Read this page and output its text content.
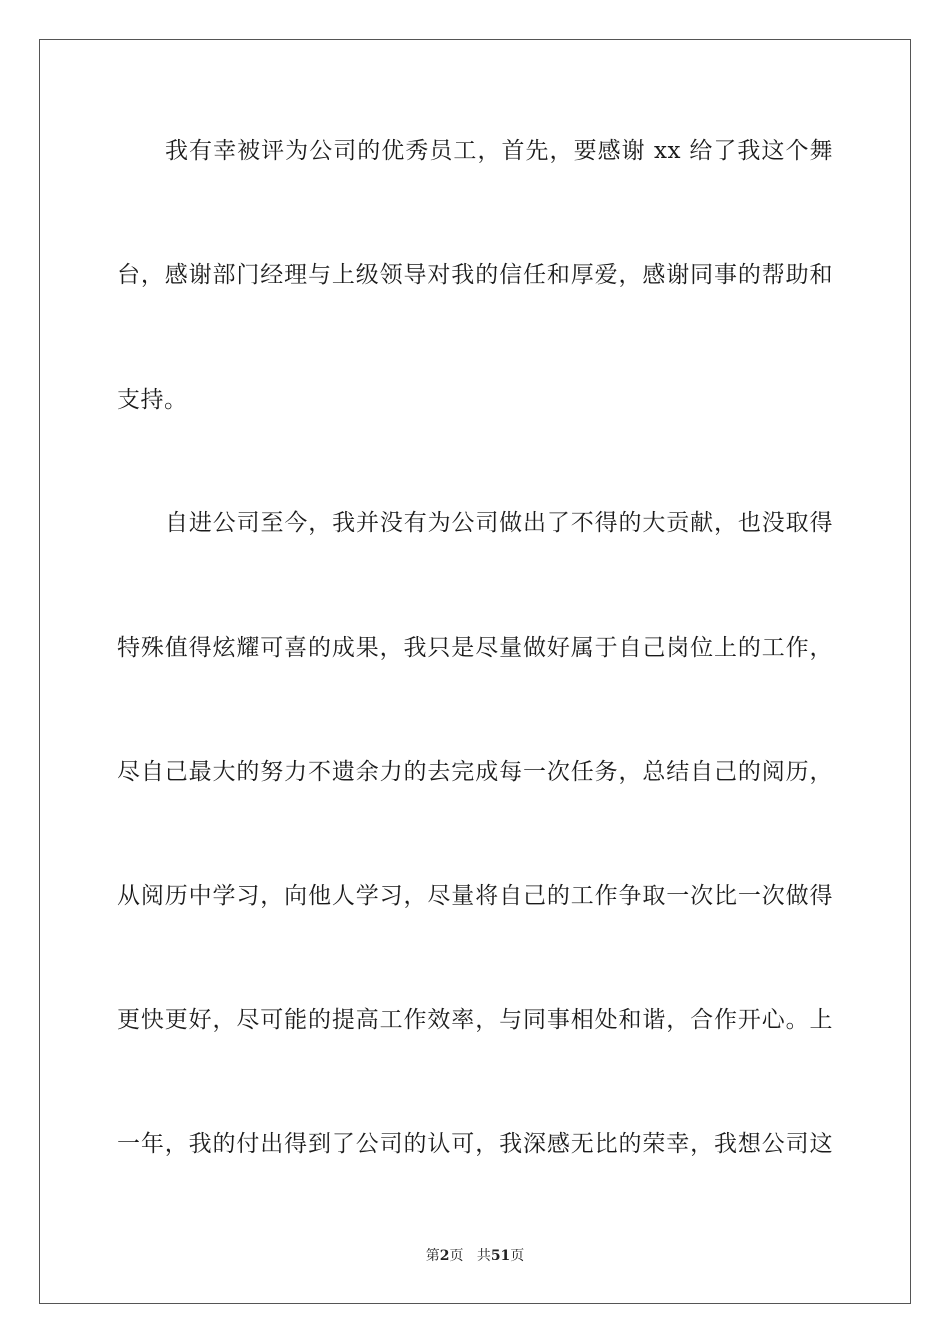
我有幸被评为公司的优秀员工，首先，要感谢 xx 给了我这个舞
台，感谢部门经理与上级领导对我的信任和厚爱，感谢同事的帮助和
支持。
自进公司至今，我并没有为公司做出了不得的大贡献，也没取得
特殊值得炫耀可喜的成果，我只是尽量做好属于自己岗位上的工作，
尽自己最大的努力不遗余力的去完成每一次任务，总结自己的阅历，
从阅历中学习，向他人学习，尽量将自己的工作争取一次比一次做得
更快更好，尽可能的提高工作效率，与同事相处和谐，合作开心。上
一年，我的付出得到了公司的认可，我深感无比的荣幸，我想公司这
第2页 共51页
